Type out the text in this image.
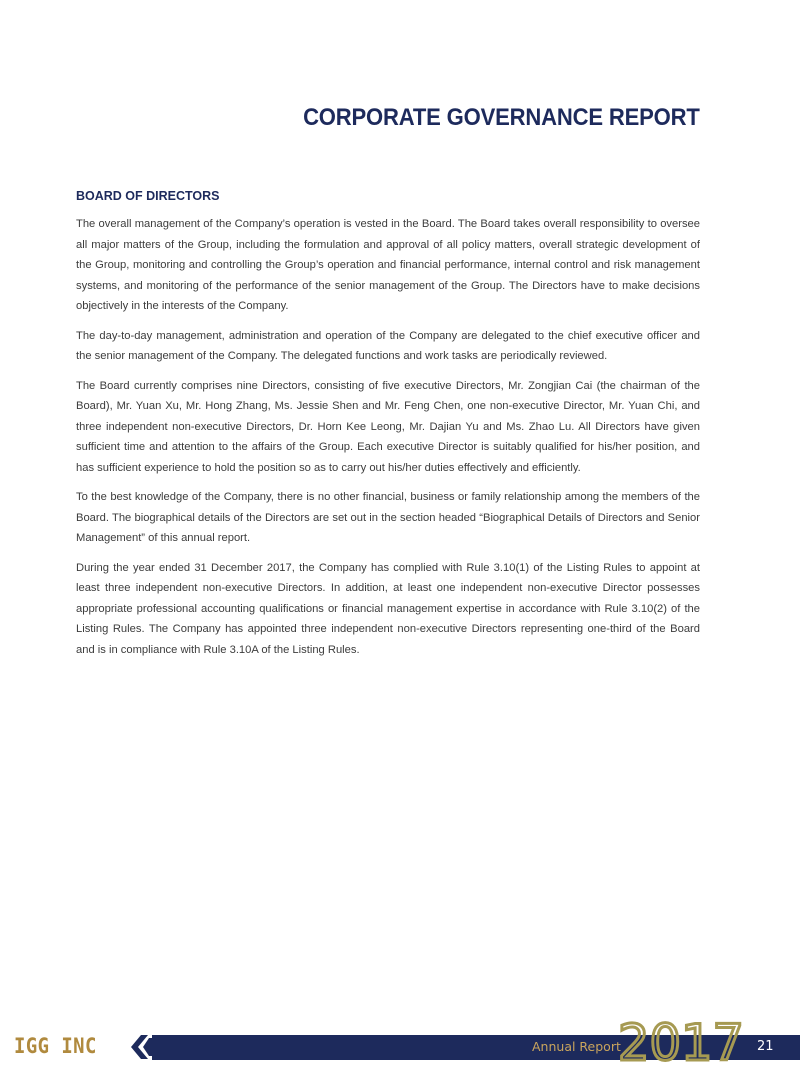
CORPORATE GOVERNANCE REPORT
BOARD OF DIRECTORS

The overall management of the Company’s operation is vested in the Board. The Board takes overall responsibility to oversee all major matters of the Group, including the formulation and approval of all policy matters, overall strategic development of the Group, monitoring and controlling the Group’s operation and financial performance, internal control and risk management systems, and monitoring of the performance of the senior management of the Group. The Directors have to make decisions objectively in the interests of the Company.

The day-to-day management, administration and operation of the Company are delegated to the chief executive officer and the senior management of the Company. The delegated functions and work tasks are periodically reviewed.

The Board currently comprises nine Directors, consisting of five executive Directors, Mr. Zongjian Cai (the chairman of the Board), Mr. Yuan Xu, Mr. Hong Zhang, Ms. Jessie Shen and Mr. Feng Chen, one non-executive Director, Mr. Yuan Chi, and three independent non-executive Directors, Dr. Horn Kee Leong, Mr. Dajian Yu and Ms. Zhao Lu. All Directors have given sufficient time and attention to the affairs of the Group. Each executive Director is suitably qualified for his/her position, and has sufficient experience to hold the position so as to carry out his/her duties effectively and efficiently.

To the best knowledge of the Company, there is no other financial, business or family relationship among the members of the Board. The biographical details of the Directors are set out in the section headed “Biographical Details of Directors and Senior Management” of this annual report.

During the year ended 31 December 2017, the Company has complied with Rule 3.10(1) of the Listing Rules to appoint at least three independent non-executive Directors. In addition, at least one independent non-executive Director possesses appropriate professional accounting qualifications or financial management expertise in accordance with Rule 3.10(2) of the Listing Rules. The Company has appointed three independent non-executive Directors representing one-third of the Board and is in compliance with Rule 3.10A of the Listing Rules.

IGG INC	Annual Report
2017 21
